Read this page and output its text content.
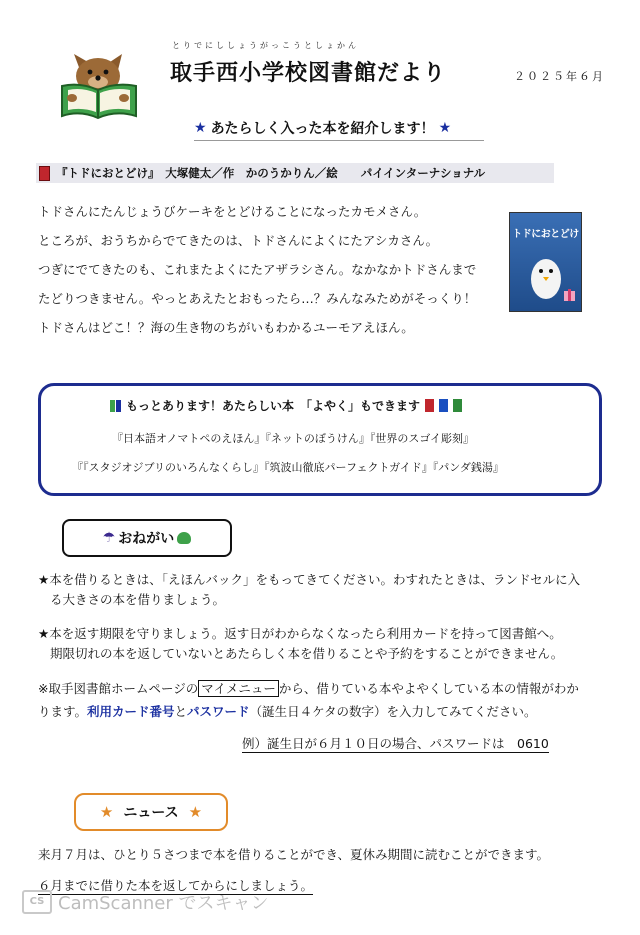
とりでにししょうがっこうとしょかん
取手西小学校図書館だより	２０２５年６月
★ あたらしく入った本を紹介します！ ★
『トドにおとどけ』　大塚健太／作　かのうかりん／絵　　パイインターナショナル
トドさんにたんじょうびケーキをとどけることになったカモメさん。
ところが、おうちからでてきたのは、トドさんによくにたアシカさん。
つぎにでてきたのも、これまたよくにたアザラシさん。なかなかトドさんまで
たどりつきません。やっとあえたとおもったら…？みんなみためがそっくり！
トドさんはどこ！？海の生き物のちがいもわかるユーモアえほん。
トドにおとどけ
もっとあります！あたらしい本　「よやく」もできます
『日本語オノマトペのえほん』『ネットのぼうけん』『世界のスゴイ彫刻』
『『スタジオジブリのいろんなくらし』『筑波山徹底パーフェクトガイド』『パンダ銭湯』
☂ おねがい
★本を借りるときは、「えほんバック」をもってきてください。わすれたときは、ランドセルに入
る大きさの本を借りましょう。
★本を返す期限を守りましょう。返す日がわからなくなったら利用カードを持って図書館へ。
期限切れの本を返していないとあたらしく本を借りることや予約をすることができません。
※取手図書館ホームページの マイメニュー から、借りている本やよやくしている本の情報がわか
ります。利用カード番号とパスワード（誕生日４ケタの数字）を入力してみてください。
例）誕生日が６月１０日の場合、パスワードは　0610
★ ニュース ★
来月７月は、ひとり５さつまで本を借りることができ、夏休み期間に読むことができます。
６月までに借りた本を返してからにしましょう。
CS CamScanner でスキャン
